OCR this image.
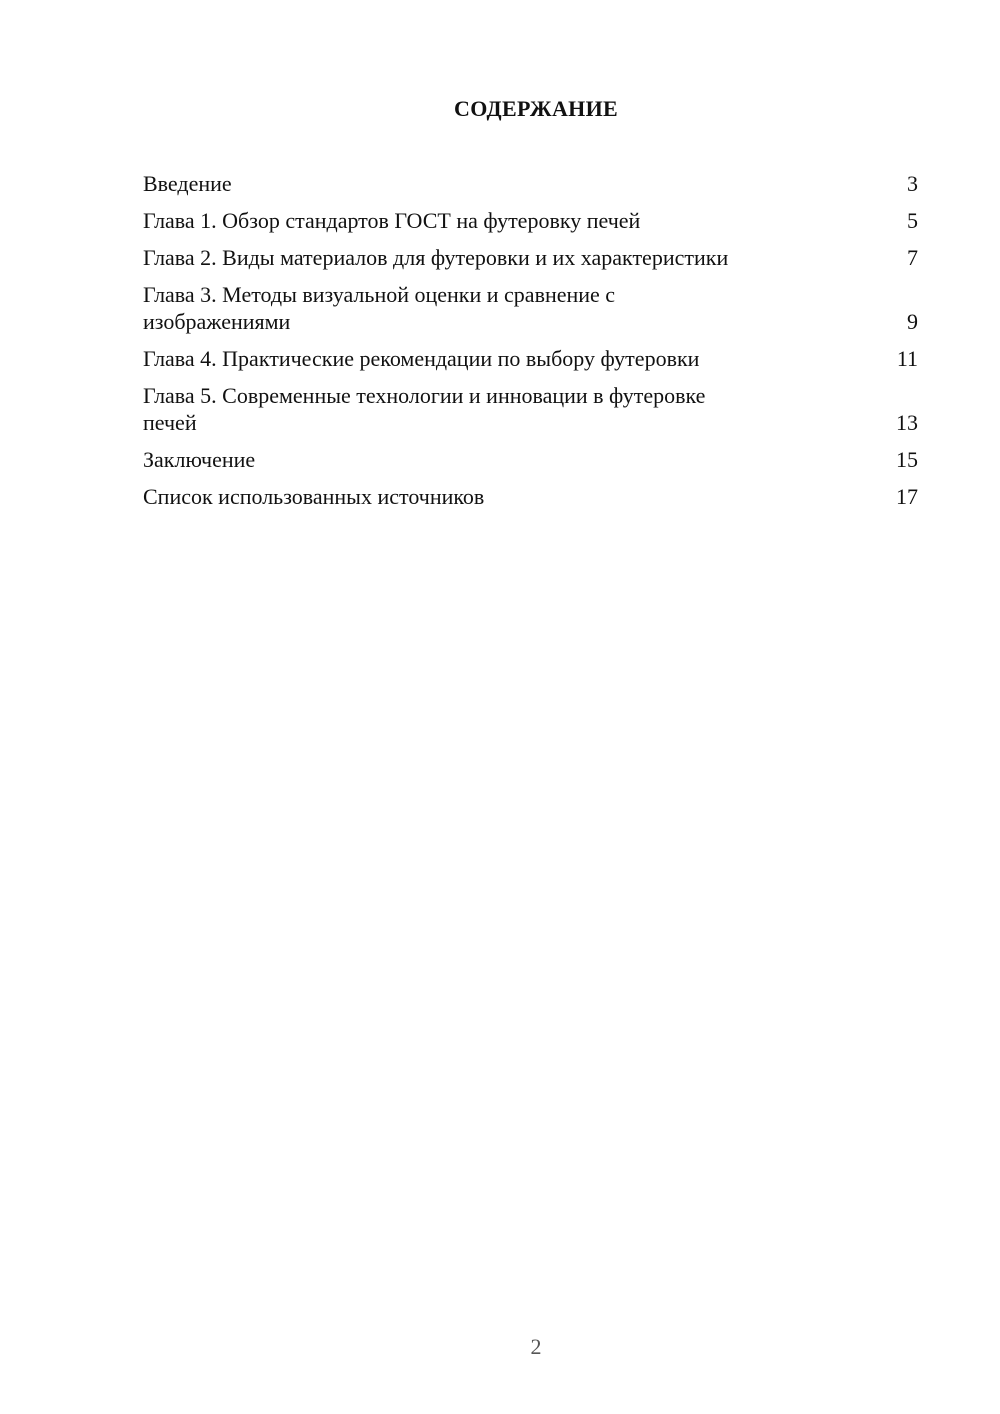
СОДЕРЖАНИЕ
Введение	3
Глава 1. Обзор стандартов ГОСТ на футеровку печей	5
Глава 2. Виды материалов для футеровки и их характеристики	7
Глава 3. Методы визуальной оценки и сравнение с
изображениями	9
Глава 4. Практические рекомендации по выбору футеровки	11
Глава 5. Современные технологии и инновации в футеровке
печей	13
Заключение	15
Список использованных источников	17

2
